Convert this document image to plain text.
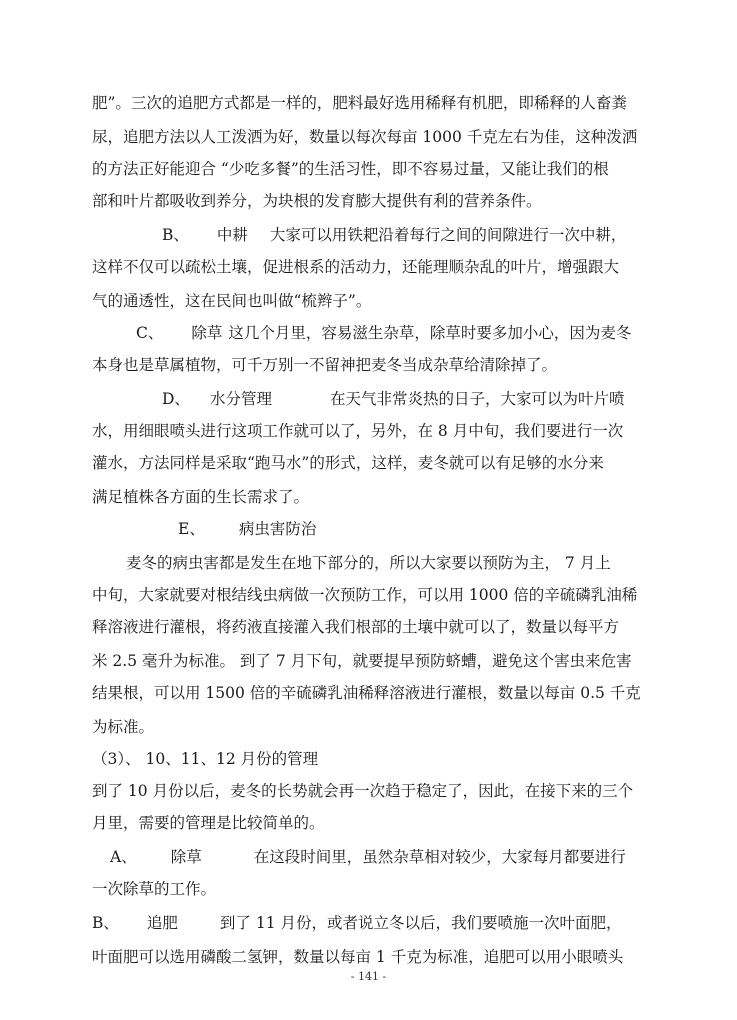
肥”。三次的追肥方式都是一样的，肥料最好选用稀释有机肥，即稀释的人畜粪
尿，追肥方法以人工泼洒为好，数量以每次每亩 1000 千克左右为佳，这种泼洒
的方法正好能迎合 “少吃多餐”的生活习性，即不容易过量，又能让我们的根
部和叶片都吸收到养分，为块根的发育膨大提供有利的营养条件。
B、 中耕 大家可以用铁耙沿着每行之间的间隙进行一次中耕，
这样不仅可以疏松土壤，促进根系的活动力，还能理顺杂乱的叶片，增强跟大
气的通透性，这在民间也叫做“梳辫子”。
C、 除草 这几个月里，容易滋生杂草，除草时要多加小心，因为麦冬
本身也是草属植物，可千万别一不留神把麦冬当成杂草给清除掉了。
D、 水分管理	在天气非常炎热的日子，大家可以为叶片喷
水，用细眼喷头进行这项工作就可以了，另外，在 8 月中旬，我们要进行一次
灌水，方法同样是采取“跑马水”的形式，这样，麦冬就可以有足够的水分来
满足植株各方面的生长需求了。
E、 病虫害防治
麦冬的病虫害都是发生在地下部分的，所以大家要以预防为主， 7 月上
中旬，大家就要对根结线虫病做一次预防工作，可以用 1000 倍的辛硫磷乳油稀
释溶液进行灌根，将药液直接灌入我们根部的土壤中就可以了，数量以每平方
米 2.5 毫升为标准。 到了 7 月下旬，就要提早预防蛴螬，避免这个害虫来危害
结果根，可以用 1500 倍的辛硫磷乳油稀释溶液进行灌根，数量以每亩 0.5 千克
为标准。
（3）、 10、11、12 月份的管理
到了 10 月份以后，麦冬的长势就会再一次趋于稳定了，因此，在接下来的三个
月里，需要的管理是比较简单的。
A、 除草	在这段时间里，虽然杂草相对较少，大家每月都要进行
一次除草的工作。
B、 追肥	到了 11 月份，或者说立冬以后，我们要喷施一次叶面肥，
叶面肥可以选用磷酸二氢钾，数量以每亩 1 千克为标准，追肥可以用小眼喷头
- 141 -
